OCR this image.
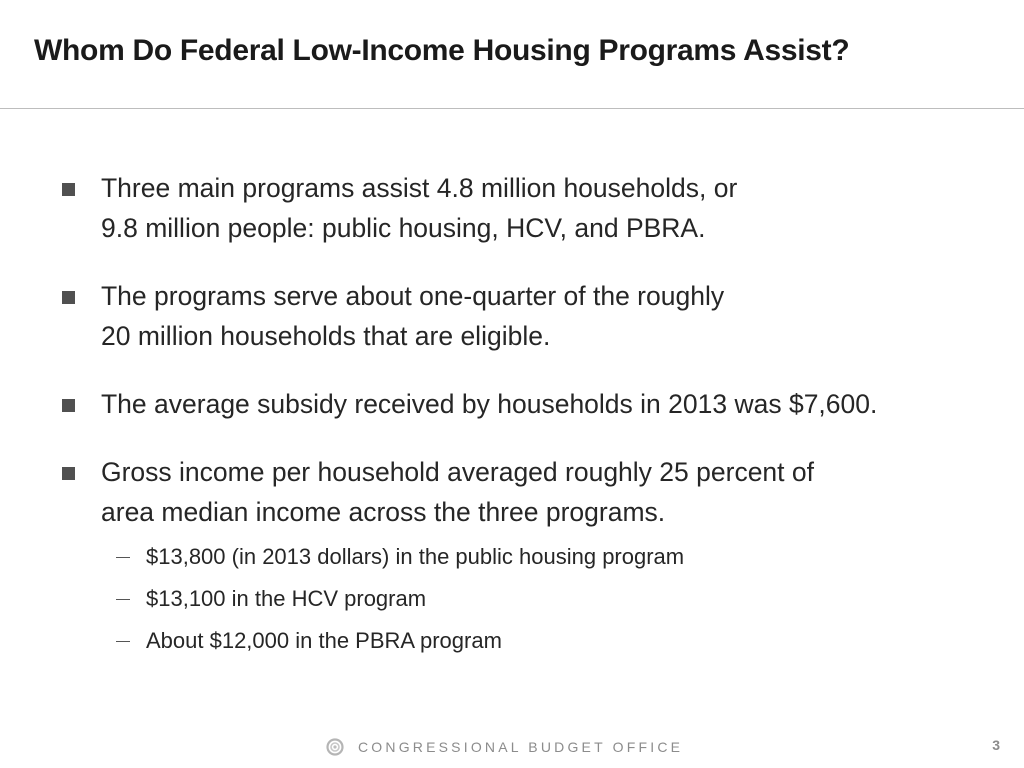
Whom Do Federal Low-Income Housing Programs Assist?
Three main programs assist 4.8 million households, or
9.8 million people: public housing, HCV, and PBRA.
The programs serve about one-quarter of the roughly
20 million households that are eligible.
The average subsidy received by households in 2013 was $7,600.
Gross income per household averaged roughly 25 percent of
area median income across the three programs.
$13,800 (in 2013 dollars) in the public housing program
$13,100 in the HCV program
About $12,000 in the PBRA program
CONGRESSIONAL BUDGET OFFICE	3
